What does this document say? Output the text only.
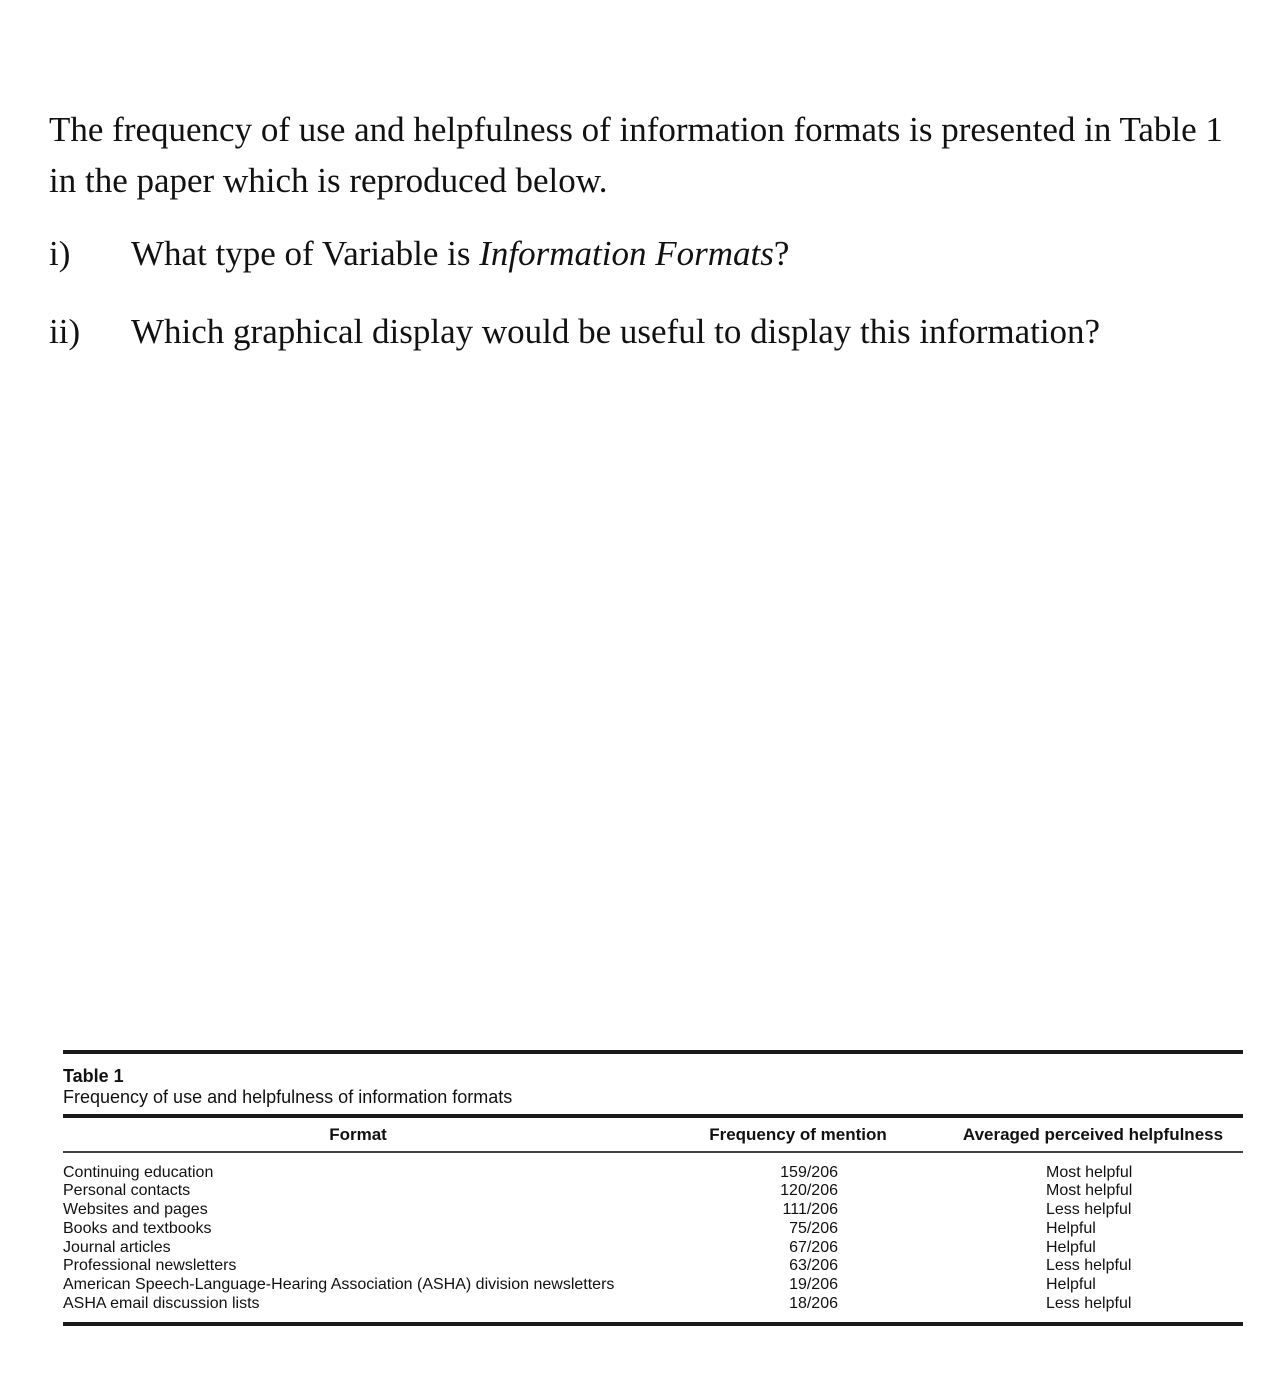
The frequency of use and helpfulness of information formats is presented in Table 1 in the paper which is reproduced below.

i) What type of Variable is Information Formats?
ii) Which graphical display would be useful to display this information?
Table 1
Frequency of use and helpfulness of information formats
Format	Frequency of mention	Averaged perceived helpfulness
Continuing education	159/206	Most helpful
Personal contacts	120/206	Most helpful
Websites and pages	111/206	Less helpful
Books and textbooks	75/206	Helpful
Journal articles	67/206	Helpful
Professional newsletters	63/206	Less helpful
American Speech-Language-Hearing Association (ASHA) division newsletters	19/206	Helpful
ASHA email discussion lists	18/206	Less helpful
